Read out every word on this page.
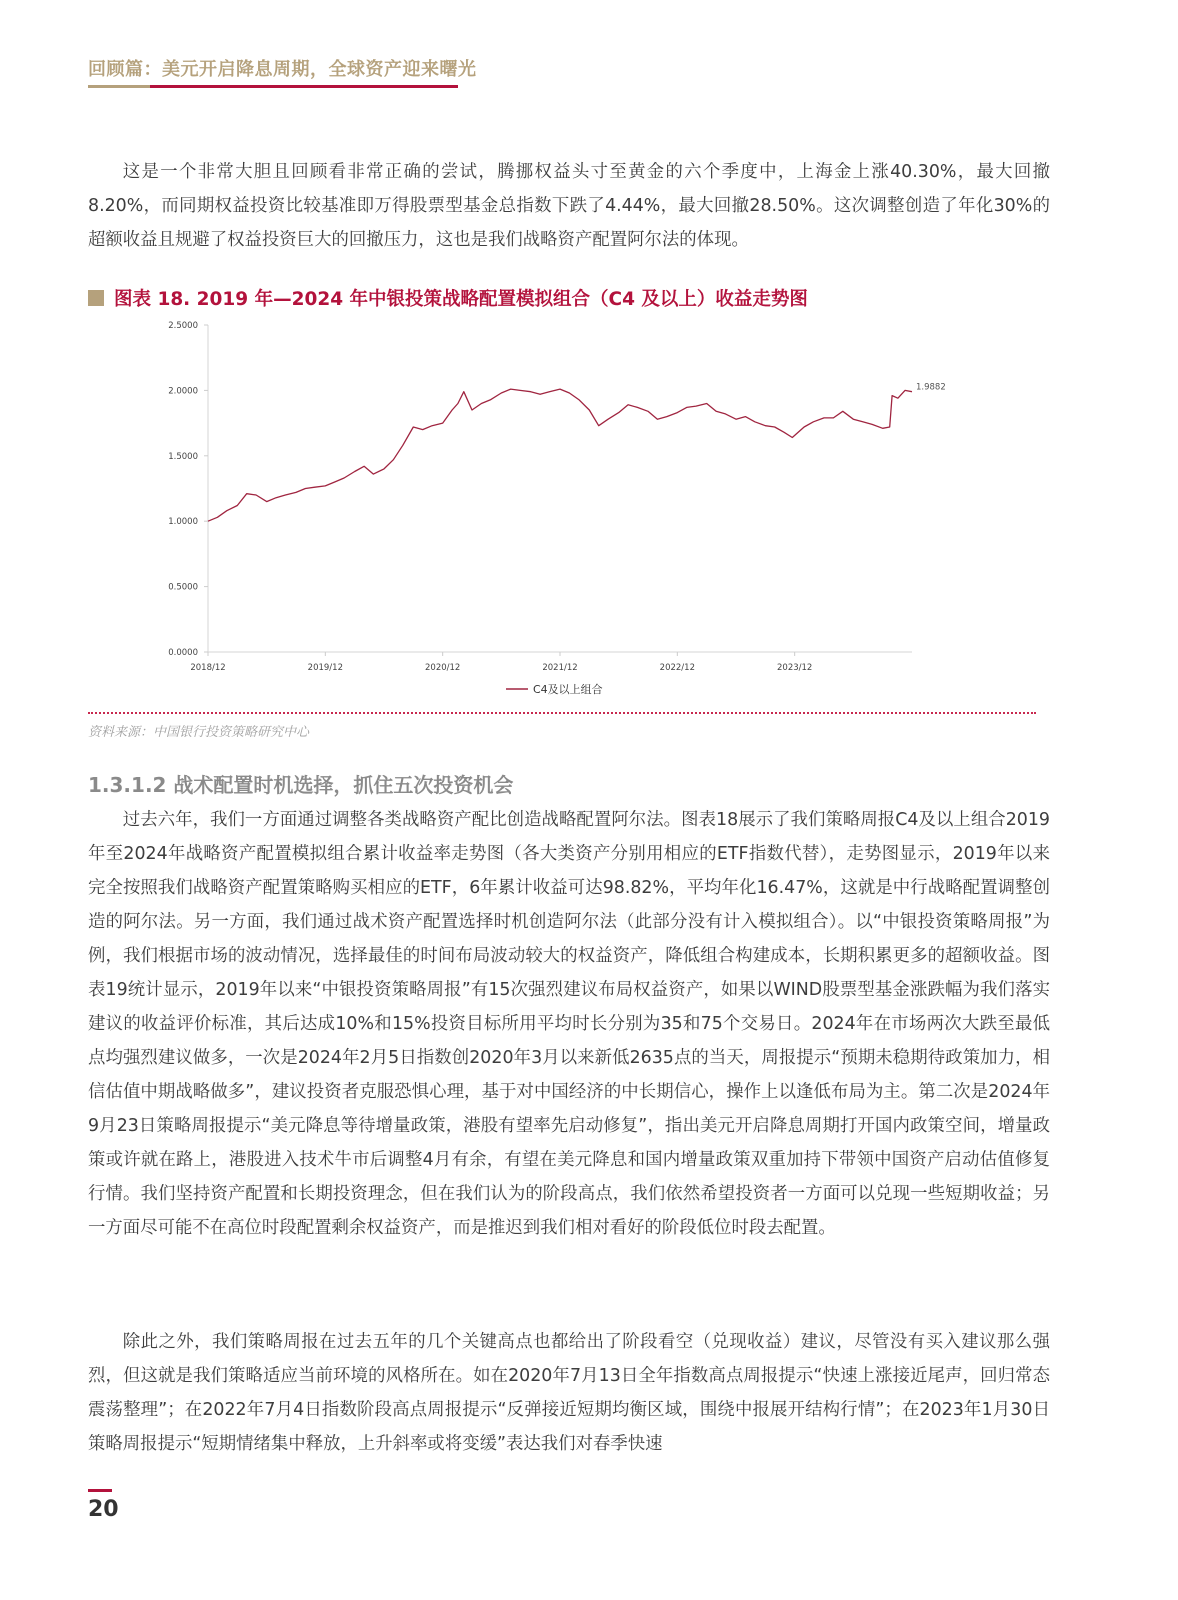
回顾篇：美元开启降息周期，全球资产迎来曙光

这是一个非常大胆且回顾看非常正确的尝试，腾挪权益头寸至黄金的六个季度中，上海金上涨40.30%，最大回撤8.20%，而同期权益投资比较基准即万得股票型基金总指数下跌了4.44%，最大回撤28.50%。这次调整创造了年化30%的超额收益且规避了权益投资巨大的回撤压力，这也是我们战略资产配置阿尔法的体现。

图表 18. 2019 年—2024 年中银投策战略配置模拟组合（C4 及以上）收益走势图
0.0000
0.5000
1.0000
1.5000
2.0000
2.5000
2018/12	2019/12	2020/12	2021/12	2022/12	2023/12
1.9882
C4及以上组合
资料来源：中国银行投资策略研究中心
1.3.1.2 战术配置时机选择，抓住五次投资机会

过去六年，我们一方面通过调整各类战略资产配比创造战略配置阿尔法。图表18展示了我们策略周报C4及以上组合2019年至2024年战略资产配置模拟组合累计收益率走势图（各大类资产分别用相应的ETF指数代替），走势图显示，2019年以来完全按照我们战略资产配置策略购买相应的ETF，6年累计收益可达98.82%，平均年化16.47%，这就是中行战略配置调整创造的阿尔法。另一方面，我们通过战术资产配置选择时机创造阿尔法（此部分没有计入模拟组合）。以“中银投资策略周报”为例，我们根据市场的波动情况，选择最佳的时间布局波动较大的权益资产，降低组合构建成本，长期积累更多的超额收益。图表19统计显示，2019年以来“中银投资策略周报”有15次强烈建议布局权益资产，如果以WIND股票型基金涨跌幅为我们落实建议的收益评价标准，其后达成10%和15%投资目标所用平均时长分别为35和75个交易日。2024年在市场两次大跌至最低点均强烈建议做多，一次是2024年2月5日指数创2020年3月以来新低2635点的当天，周报提示“预期未稳期待政策加力，相信估值中期战略做多”，建议投资者克服恐惧心理，基于对中国经济的中长期信心，操作上以逢低布局为主。第二次是2024年9月23日策略周报提示“美元降息等待增量政策，港股有望率先启动修复”，指出美元开启降息周期打开国内政策空间，增量政策或许就在路上，港股进入技术牛市后调整4月有余，有望在美元降息和国内增量政策双重加持下带领中国资产启动估值修复行情。我们坚持资产配置和长期投资理念，但在我们认为的阶段高点，我们依然希望投资者一方面可以兑现一些短期收益；另一方面尽可能不在高位时段配置剩余权益资产，而是推迟到我们相对看好的阶段低位时段去配置。

除此之外，我们策略周报在过去五年的几个关键高点也都给出了阶段看空（兑现收益）建议，尽管没有买入建议那么强烈，但这就是我们策略适应当前环境的风格所在。如在2020年7月13日全年指数高点周报提示“快速上涨接近尾声，回归常态震荡整理”；在2022年7月4日指数阶段高点周报提示“反弹接近短期均衡区域，围绕中报展开结构行情”；在2023年1月30日策略周报提示“短期情绪集中释放，上升斜率或将变缓”表达我们对春季快速

20
